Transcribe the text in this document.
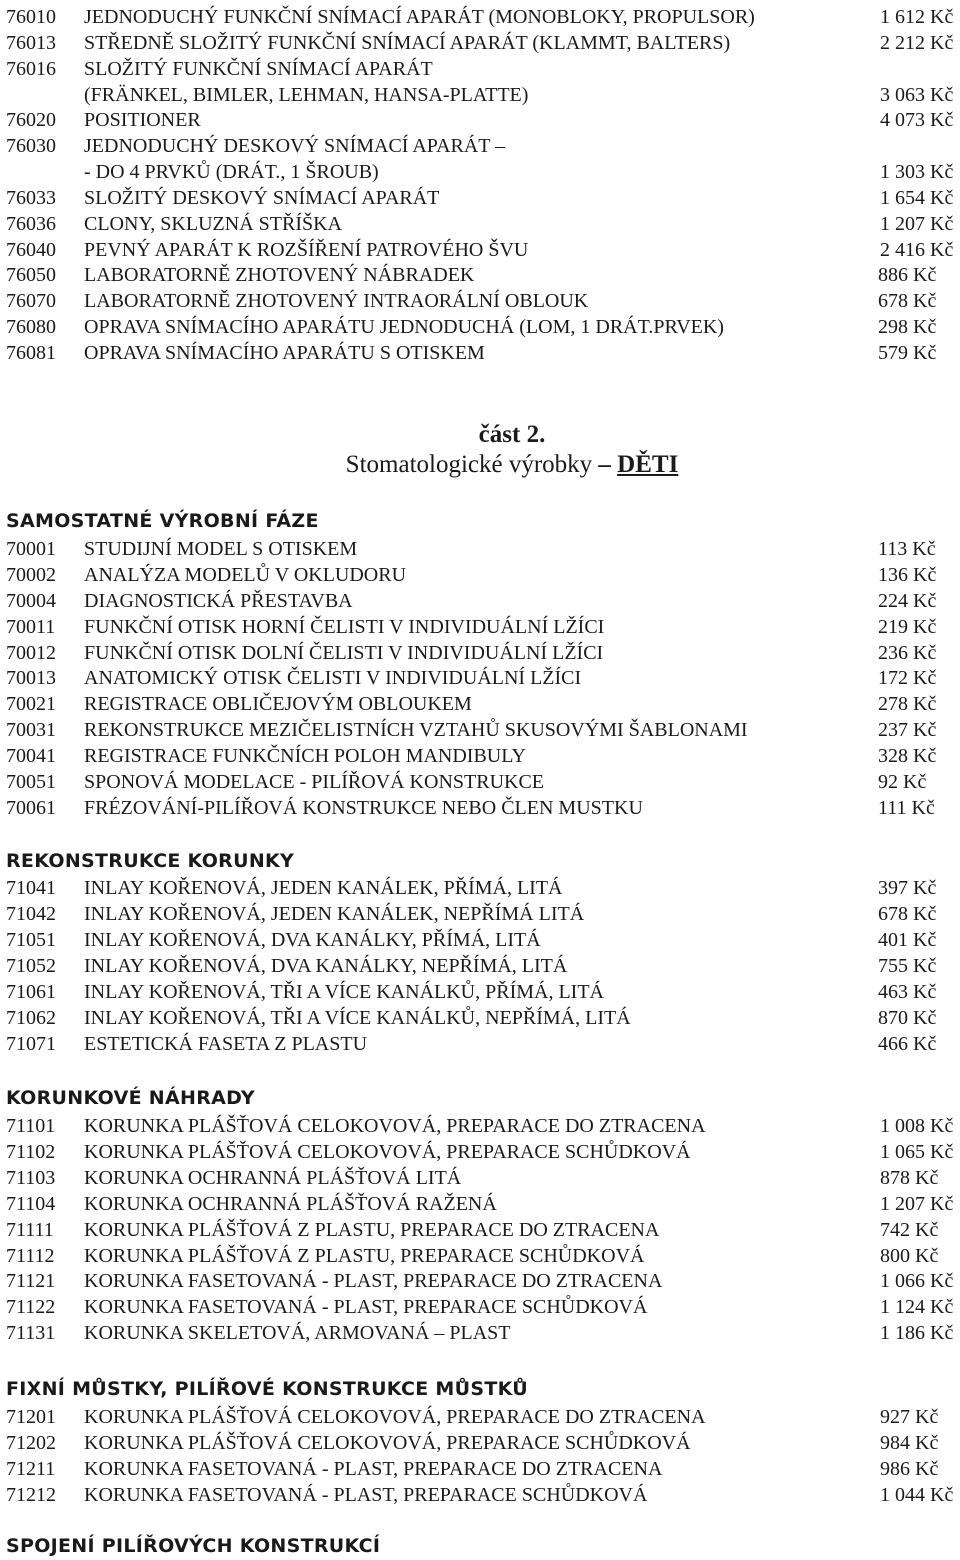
76010 JEDNODUCHÝ FUNKČNÍ SNÍMACÍ APARÁT (MONOBLOKY, PROPULSOR)	1 612 Kč
76013 STŘEDNĚ SLOŽITÝ FUNKČNÍ SNÍMACÍ APARÁT (KLAMMT, BALTERS)	2 212 Kč
76016 SLOŽITÝ FUNKČNÍ SNÍMACÍ APARÁT
(FRÄNKEL, BIMLER, LEHMAN, HANSA-PLATTE)	3 063 Kč
76020 POSITIONER	4 073 Kč
76030 JEDNODUCHÝ DESKOVÝ SNÍMACÍ APARÁT –
- DO 4 PRVKŮ (DRÁT., 1 ŠROUB)	1 303 Kč
76033 SLOŽITÝ DESKOVÝ SNÍMACÍ APARÁT	1 654 Kč
76036 CLONY, SKLUZNÁ STŘÍŠKA	1 207 Kč
76040 PEVNÝ APARÁT K ROZŠÍŘENÍ PATROVÉHO ŠVU	2 416 Kč
76050 LABORATORNĚ ZHOTOVENÝ NÁBRADEK	886 Kč
76070 LABORATORNĚ ZHOTOVENÝ INTRAORÁLNÍ OBLOUK	678 Kč
76080 OPRAVA SNÍMACÍHO APARÁTU JEDNODUCHÁ (LOM, 1 DRÁT.PRVEK)	298 Kč
76081 OPRAVA SNÍMACÍHO APARÁTU S OTISKEM	579 Kč
část 2.
Stomatologické výrobky – DĚTI
SAMOSTATNÉ VÝROBNÍ FÁZE
70001 STUDIJNÍ MODEL S OTISKEM	113 Kč
70002 ANALÝZA MODELŮ V OKLUDORU	136 Kč
70004 DIAGNOSTICKÁ PŘESTAVBA	224 Kč
70011 FUNKČNÍ OTISK HORNÍ ČELISTI V INDIVIDUÁLNÍ LŽÍCI	219 Kč
70012 FUNKČNÍ OTISK DOLNÍ ČELISTI V INDIVIDUÁLNÍ LŽÍCI	236 Kč
70013 ANATOMICKÝ OTISK ČELISTI V INDIVIDUÁLNÍ LŽÍCI	172 Kč
70021 REGISTRACE OBLIČEJOVÝM OBLOUKEM	278 Kč
70031 REKONSTRUKCE MEZIČELISTNÍCH VZTAHŮ SKUSOVÝMI ŠABLONAMI	237 Kč
70041 REGISTRACE FUNKČNÍCH POLOH MANDIBULY	328 Kč
70051 SPONOVÁ MODELACE - PILÍŘOVÁ KONSTRUKCE	92 Kč
70061 FRÉZOVÁNÍ-PILÍŘOVÁ KONSTRUKCE NEBO ČLEN MUSTKU	111 Kč
REKONSTRUKCE KORUNKY
71041 INLAY KOŘENOVÁ, JEDEN KANÁLEK, PŘÍMÁ, LITÁ	397 Kč
71042 INLAY KOŘENOVÁ, JEDEN KANÁLEK, NEPŘÍMÁ LITÁ	678 Kč
71051 INLAY KOŘENOVÁ, DVA KANÁLKY, PŘÍMÁ, LITÁ	401 Kč
71052 INLAY KOŘENOVÁ, DVA KANÁLKY, NEPŘÍMÁ, LITÁ	755 Kč
71061 INLAY KOŘENOVÁ, TŘI A VÍCE KANÁLKŮ, PŘÍMÁ, LITÁ	463 Kč
71062 INLAY KOŘENOVÁ, TŘI A VÍCE KANÁLKŮ, NEPŘÍMÁ, LITÁ	870 Kč
71071 ESTETICKÁ FASETA Z PLASTU	466 Kč
KORUNKOVÉ NÁHRADY
71101 KORUNKA PLÁŠŤOVÁ CELOKOVOVÁ, PREPARACE DO ZTRACENA	1 008 Kč
71102 KORUNKA PLÁŠŤOVÁ CELOKOVOVÁ, PREPARACE SCHŮDKOVÁ	1 065 Kč
71103 KORUNKA OCHRANNÁ PLÁŠŤOVÁ LITÁ	878 Kč
71104 KORUNKA OCHRANNÁ PLÁŠŤOVÁ RAŽENÁ	1 207 Kč
71111 KORUNKA PLÁŠŤOVÁ Z PLASTU, PREPARACE DO ZTRACENA	742 Kč
71112 KORUNKA PLÁŠŤOVÁ Z PLASTU, PREPARACE SCHŮDKOVÁ	800 Kč
71121 KORUNKA FASETOVANÁ - PLAST, PREPARACE DO ZTRACENA	1 066 Kč
71122 KORUNKA FASETOVANÁ - PLAST, PREPARACE SCHŮDKOVÁ	1 124 Kč
71131 KORUNKA SKELETOVÁ, ARMOVANÁ – PLAST	1 186 Kč
FIXNÍ MŮSTKY, PILÍŘOVÉ KONSTRUKCE MŮSTKŮ
71201 KORUNKA PLÁŠŤOVÁ CELOKOVOVÁ, PREPARACE DO ZTRACENA	927 Kč
71202 KORUNKA PLÁŠŤOVÁ CELOKOVOVÁ, PREPARACE SCHŮDKOVÁ	984 Kč
71211 KORUNKA FASETOVANÁ - PLAST, PREPARACE DO ZTRACENA	986 Kč
71212 KORUNKA FASETOVANÁ - PLAST, PREPARACE SCHŮDKOVÁ	1 044 Kč
SPOJENÍ PILÍŘOVÝCH KONSTRUKCÍ
